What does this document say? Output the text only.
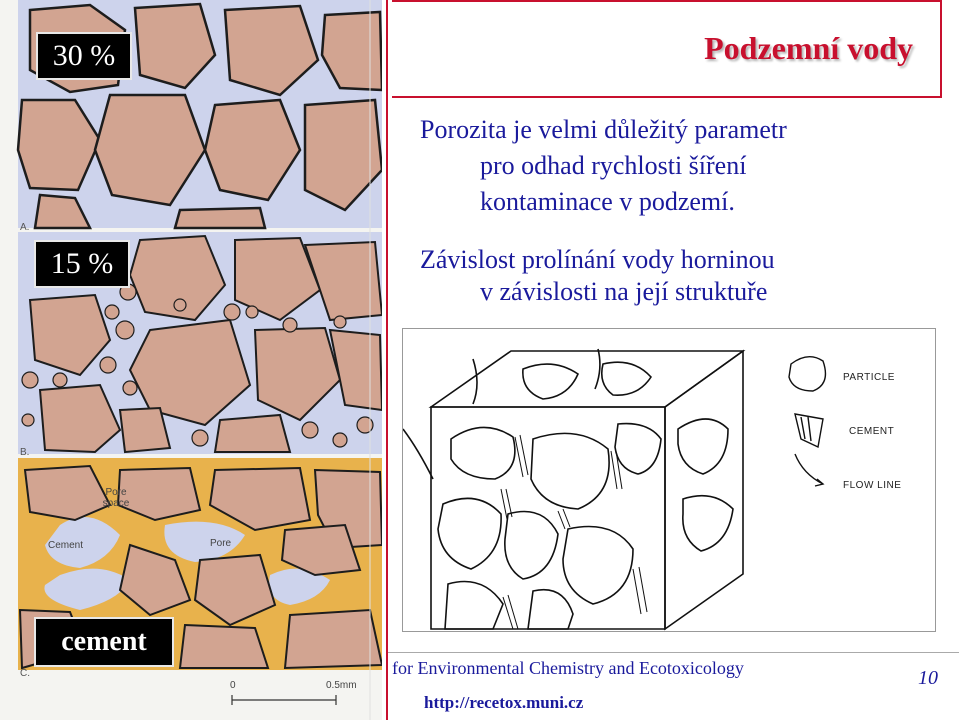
A.
B.
C.
Pore space
Cement	Pore
0	0.5mm
30 %
15 %
cement
Podzemní vody
Porozita je velmi důležitý parametr
pro odhad rychlosti šíření
kontaminace v podzemí.
Závislost prolínání vody horninou
v závislosti na její struktuře
PARTICLE
CEMENT
FLOW LINE
for Environmental Chemistry and Ecotoxicology
http://recetox.muni.cz
10
